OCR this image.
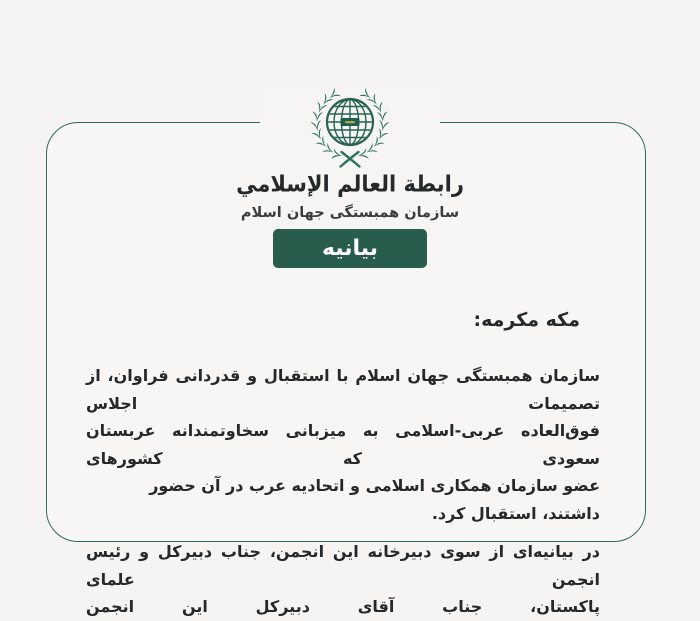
رابطة العالم الإسلامي
سازمان همبستگی جهان اسلام
بیانیه
مکه مکرمه:
سازمان همبستگی جهان اسلام با استقبال و قدردانی فراوان، از تصمیمات اجلاس
فوق‌العاده عربی-اسلامی به میزبانی سخاوتمندانه عربستان سعودی که کشورهای
عضو سازمان همکاری اسلامی و اتحادیه عرب در آن حضور داشتند، استقبال کرد.
در بیانیه‌ای از سوی دبیرخانه این انجمن، جناب دبیرکل و رئیس انجمن علمای
پاکستان، جناب آقای دبیرکل این انجمن
